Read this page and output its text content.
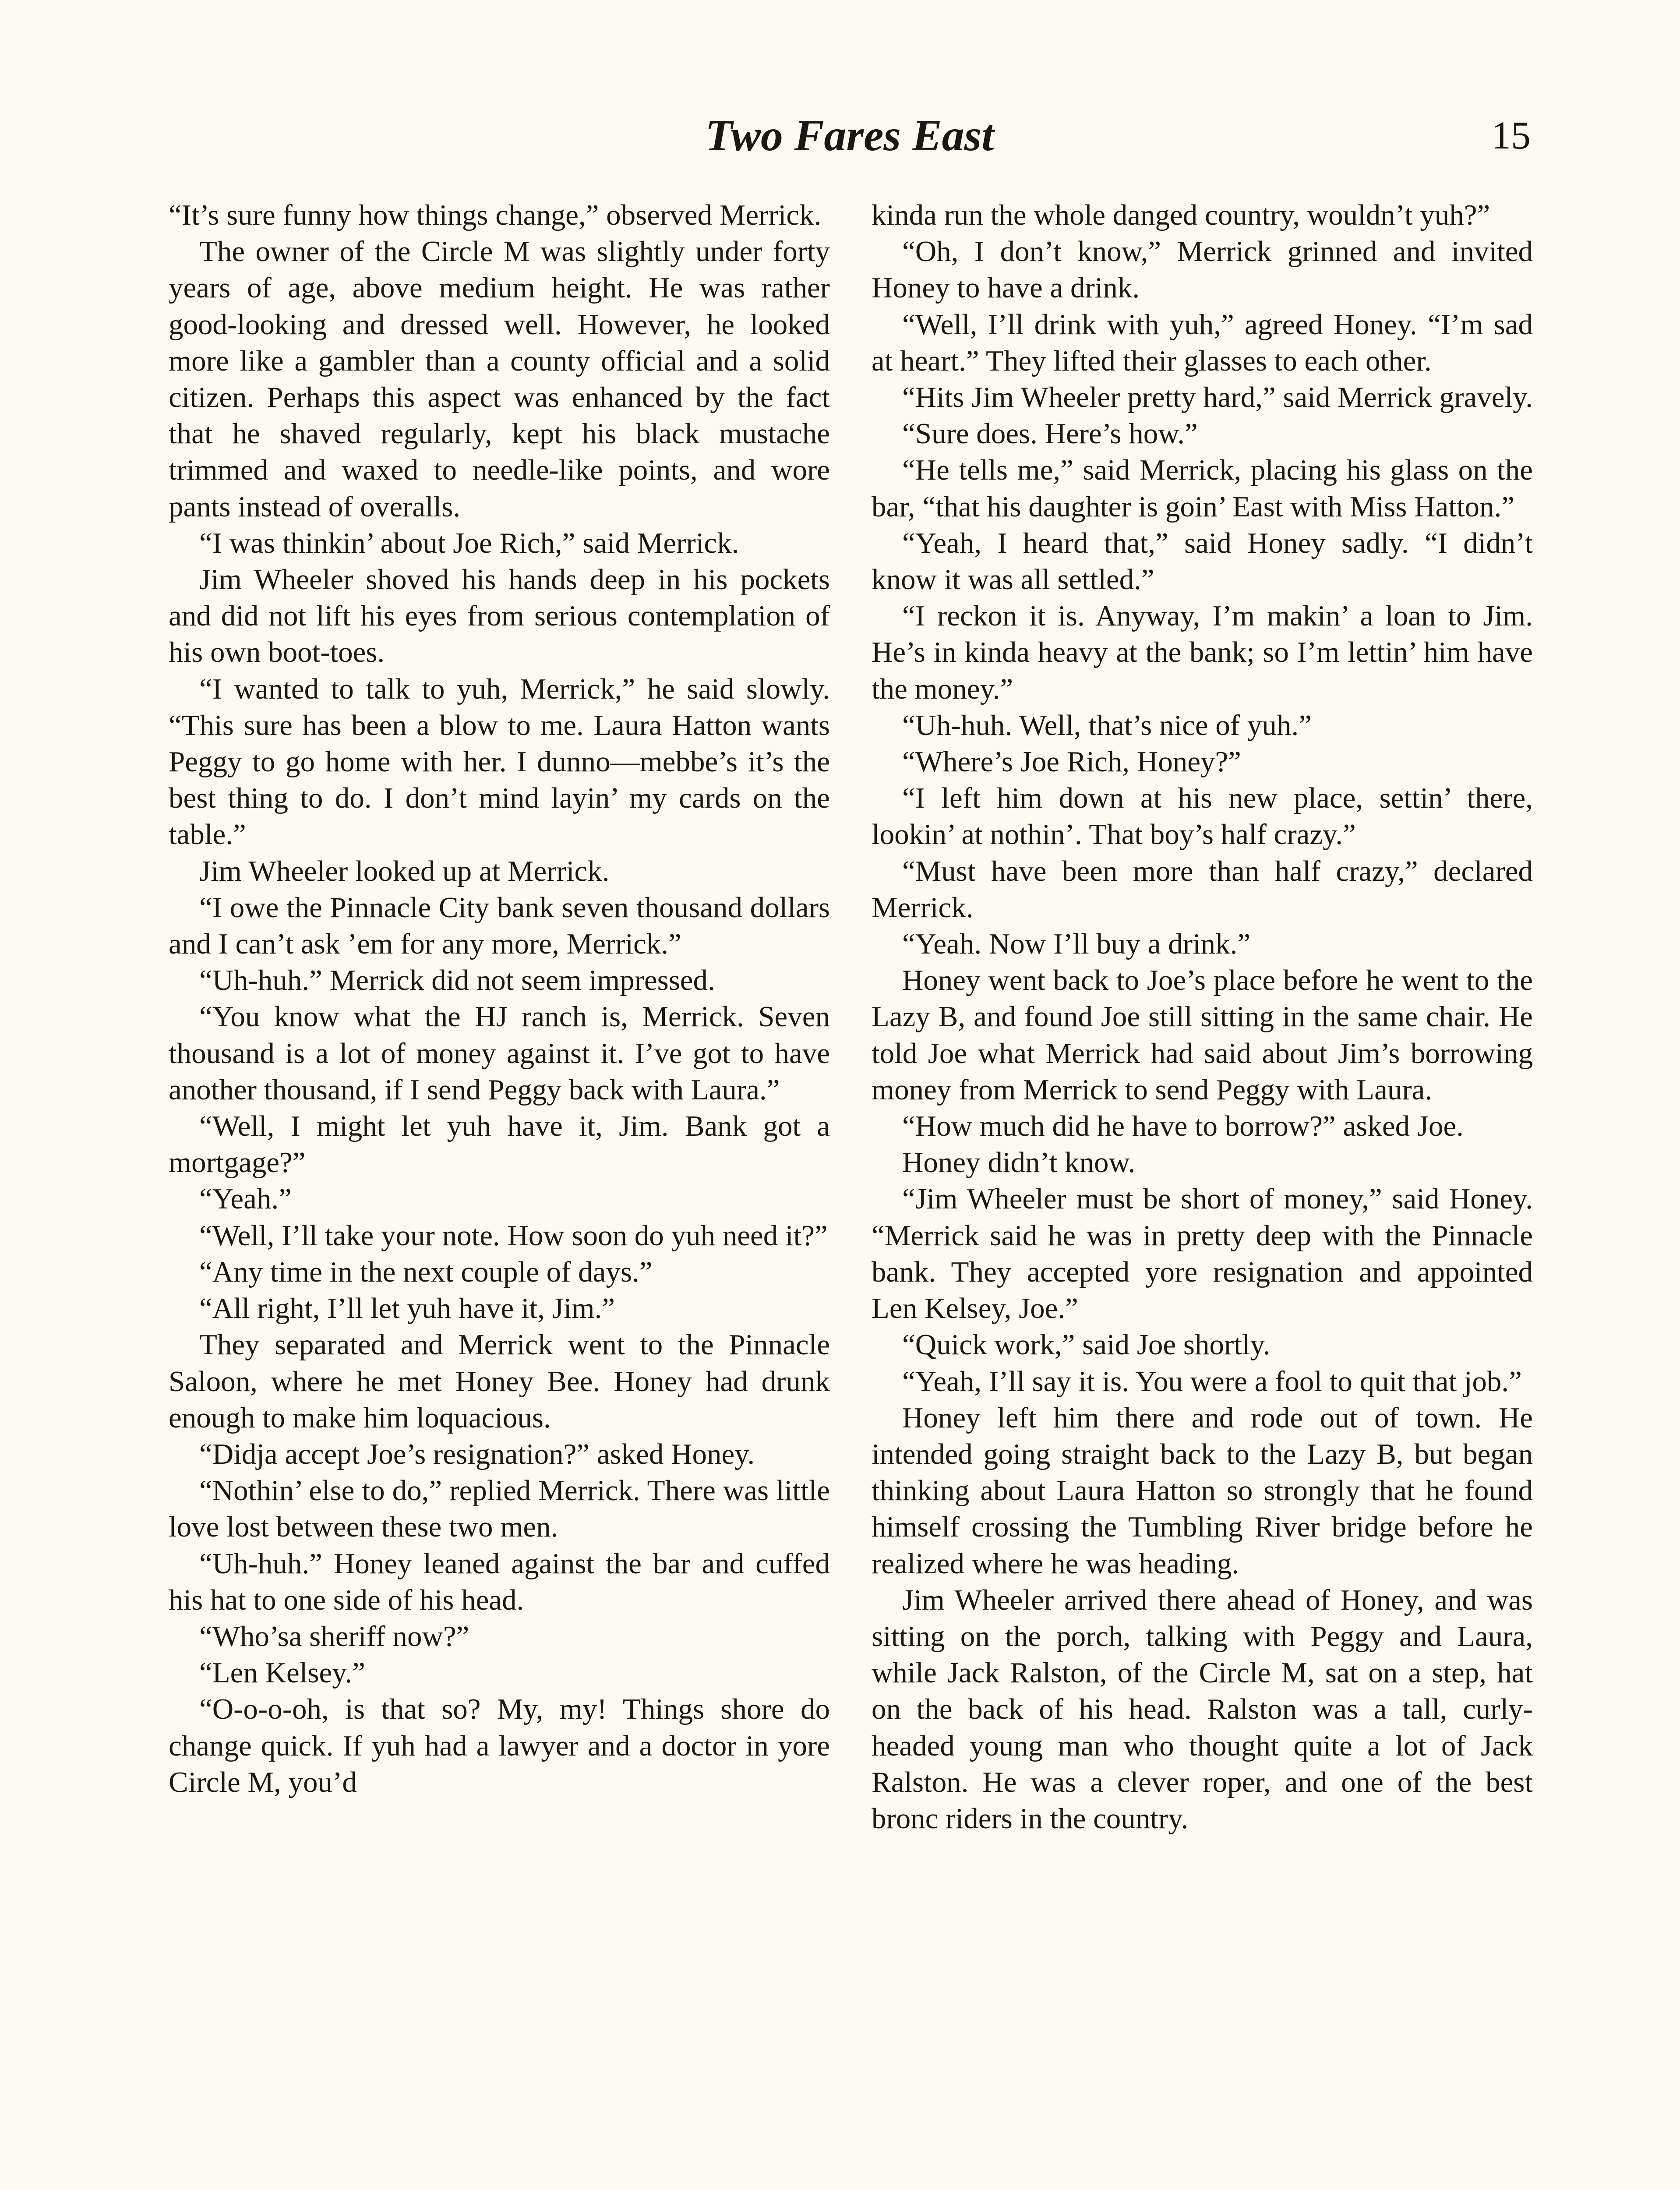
Two Fares East	15

“It’s sure funny how things change,” observed Merrick.

The owner of the Circle M was slightly under forty years of age, above medium height. He was rather good-looking and dressed well. However, he looked more like a gambler than a county official and a solid citizen. Perhaps this aspect was enhanced by the fact that he shaved regularly, kept his black mustache trimmed and waxed to needle-like points, and wore pants instead of overalls.

“I was thinkin’ about Joe Rich,” said Merrick.

Jim Wheeler shoved his hands deep in his pockets and did not lift his eyes from serious contemplation of his own boot-toes.

“I wanted to talk to yuh, Merrick,” he said slowly. “This sure has been a blow to me. Laura Hatton wants Peggy to go home with her. I dunno—mebbe’s it’s the best thing to do. I don’t mind layin’ my cards on the table.”

Jim Wheeler looked up at Merrick.

“I owe the Pinnacle City bank seven thousand dollars and I can’t ask ’em for any more, Merrick.”

“Uh-huh.” Merrick did not seem impressed.

“You know what the HJ ranch is, Merrick. Seven thousand is a lot of money against it. I’ve got to have another thousand, if I send Peggy back with Laura.”

“Well, I might let yuh have it, Jim. Bank got a mortgage?”

“Yeah.”

“Well, I’ll take your note. How soon do yuh need it?”

“Any time in the next couple of days.”

“All right, I’ll let yuh have it, Jim.”

They separated and Merrick went to the Pinnacle Saloon, where he met Honey Bee. Honey had drunk enough to make him loquacious.

“Didja accept Joe’s resignation?” asked Honey.

“Nothin’ else to do,” replied Merrick. There was little love lost between these two men.

“Uh-huh.” Honey leaned against the bar and cuffed his hat to one side of his head.

“Who’sa sheriff now?”

“Len Kelsey.”

“O-o-o-oh, is that so? My, my! Things shore do change quick. If yuh had a lawyer and a doctor in yore Circle M, you’d

kinda run the whole danged country, wouldn’t yuh?”

“Oh, I don’t know,” Merrick grinned and invited Honey to have a drink.

“Well, I’ll drink with yuh,” agreed Honey. “I’m sad at heart.” They lifted their glasses to each other.

“Hits Jim Wheeler pretty hard,” said Merrick gravely.

“Sure does. Here’s how.”

“He tells me,” said Merrick, placing his glass on the bar, “that his daughter is goin’ East with Miss Hatton.”

“Yeah, I heard that,” said Honey sadly. “I didn’t know it was all settled.”

“I reckon it is. Anyway, I’m makin’ a loan to Jim. He’s in kinda heavy at the bank; so I’m lettin’ him have the money.”

“Uh-huh. Well, that’s nice of yuh.”

“Where’s Joe Rich, Honey?”

“I left him down at his new place, settin’ there, lookin’ at nothin’. That boy’s half crazy.”

“Must have been more than half crazy,” declared Merrick.

“Yeah. Now I’ll buy a drink.”

Honey went back to Joe’s place before he went to the Lazy B, and found Joe still sitting in the same chair. He told Joe what Merrick had said about Jim’s borrowing money from Merrick to send Peggy with Laura.

“How much did he have to borrow?” asked Joe.

Honey didn’t know.

“Jim Wheeler must be short of money,” said Honey. “Merrick said he was in pretty deep with the Pinnacle bank. They accepted yore resignation and appointed Len Kelsey, Joe.”

“Quick work,” said Joe shortly.

“Yeah, I’ll say it is. You were a fool to quit that job.”

Honey left him there and rode out of town. He intended going straight back to the Lazy B, but began thinking about Laura Hatton so strongly that he found himself crossing the Tumbling River bridge before he realized where he was heading.

Jim Wheeler arrived there ahead of Honey, and was sitting on the porch, talking with Peggy and Laura, while Jack Ralston, of the Circle M, sat on a step, hat on the back of his head. Ralston was a tall, curly-headed young man who thought quite a lot of Jack Ralston. He was a clever roper, and one of the best bronc riders in the country.
